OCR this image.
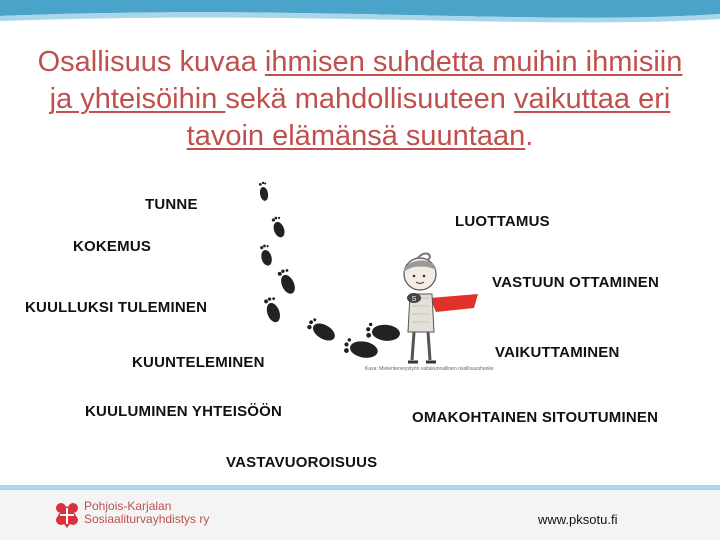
Osallisuus kuvaa ihmisen suhdetta muihin ihmisiin ja yhteisöihin sekä mahdollisuuteen vaikuttaa eri tavoin elämänsä suuntaan.
TUNNE
KOKEMUS
KUULLUKSI TULEMINEN
KUUNTELEMINEN
KUULUMINEN YHTEISÖÖN
VASTAVUOROISUUS
LUOTTAMUS
VASTUUN OTTAMINEN
VAIKUTTAMINEN
OMAKOHTAINEN SITOUTUMINEN
S
Kuva: Mielenterveystyön valtakunnallinen osallisuushanke
Pohjois-Karjalan
Sosiaaliturvayhdistys ry	www.pksotu.fi
